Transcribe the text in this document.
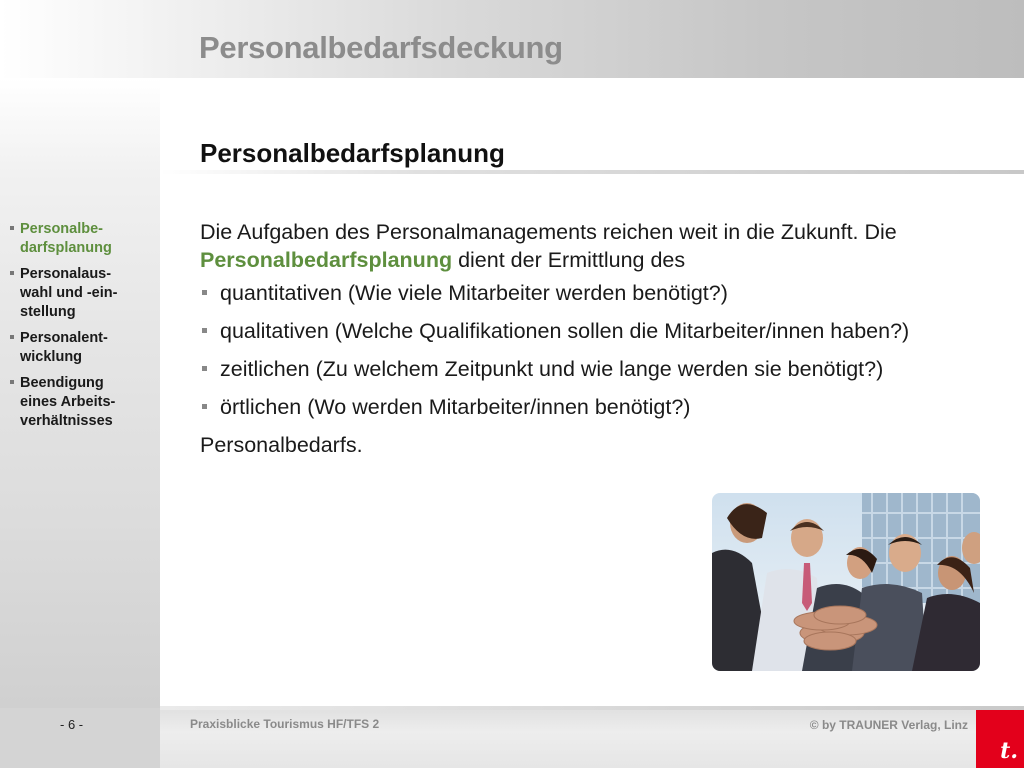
Personalbedarfsdeckung
Personalbe-
darfsplanung
Personalaus-
wahl und -ein-
stellung
Personalent-
wicklung
Beendigung
eines Arbeits-
verhältnisses
Personalbedarfsplanung

Die Aufgaben des Personalmanagements reichen weit in die Zukunft. Die Personalbedarfsplanung dient der Ermittlung des

quantitativen (Wie viele Mitarbeiter werden benötigt?)
qualitativen (Welche Qualifikationen sollen die Mitarbeiter/innen haben?)
zeitlichen (Zu welchem Zeitpunkt und wie lange werden sie benötigt?)
örtlichen (Wo werden Mitarbeiter/innen benötigt?)

Personalbedarfs.

- 6 -	Praxisblicke Tourismus HF/TFS 2	© by TRAUNER Verlag, Linz
t.
